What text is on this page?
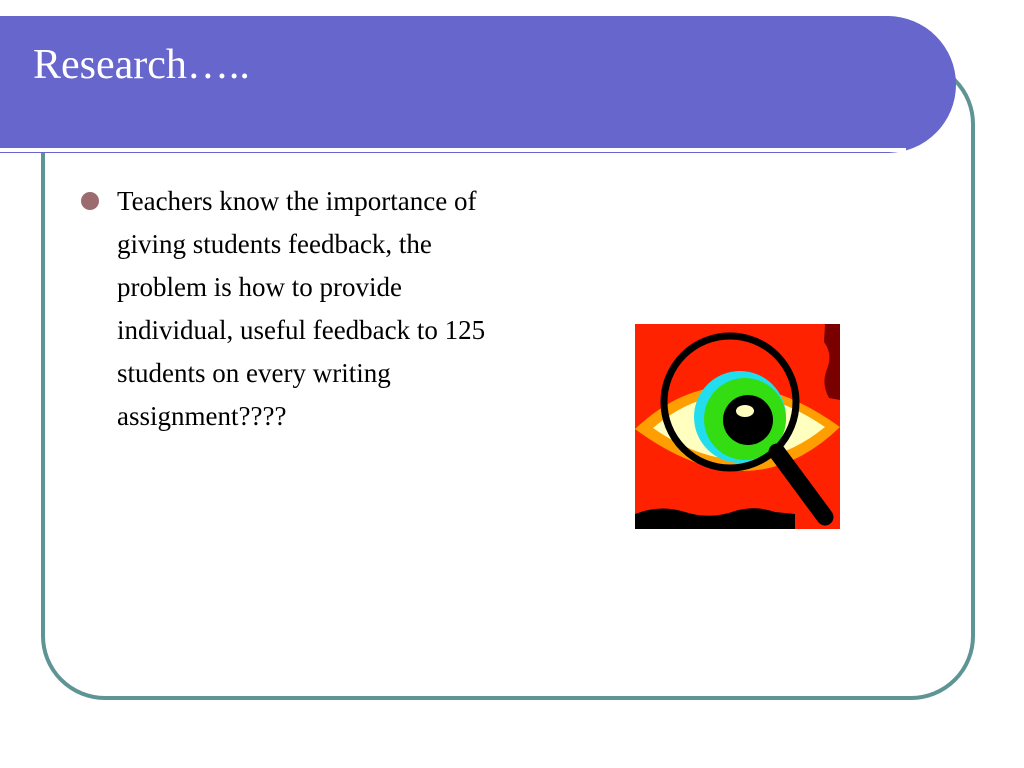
Research…..
Teachers know the importance of giving students feedback, the problem is how to provide individual, useful feedback to 125 students on every writing assignment????
